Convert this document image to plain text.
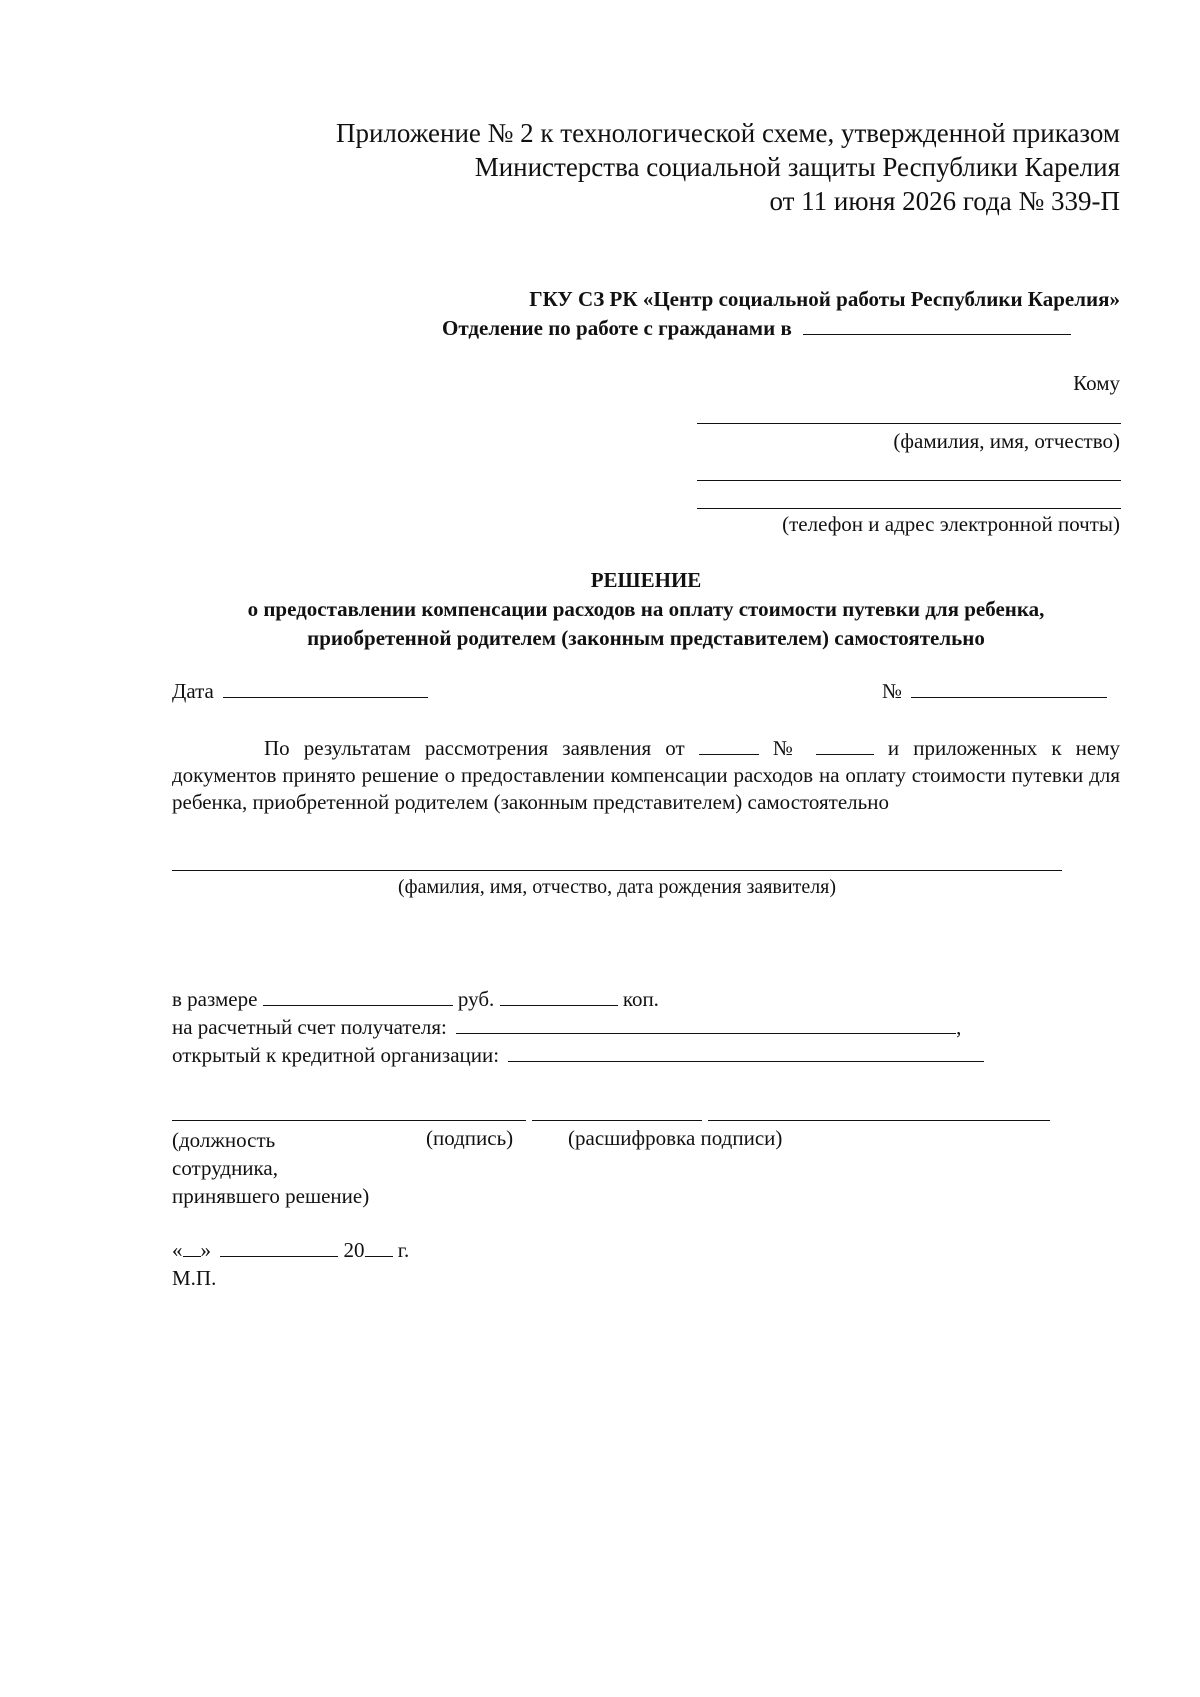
Приложение № 2 к технологической схеме, утвержденной приказом
Министерства социальной защиты Республики Карелия
от 11 июня 2026 года № 339-П
ГКУ СЗ РК «Центр социальной работы Республики Карелия»
Отделение по работе с гражданами в
Кому
(фамилия, имя, отчество)
(телефон и адрес электронной почты)
РЕШЕНИЕ
о предоставлении компенсации расходов на оплату стоимости путевки для ребенка,
приобретенной родителем (законным представителем) самостоятельно
Дата	№
По результатам рассмотрения заявления от	№	и приложенных к нему документов принято решение о предоставлении компенсации расходов на оплату стоимости путевки для ребенка, приобретенной родителем (законным представителем) самостоятельно
(фамилия, имя, отчество, дата рождения заявителя)
в размере	руб.	коп.
на расчетный счет получателя:	,
открытый к кредитной организации:
(должность
сотрудника,
принявшего решение)
(подпись)	(расшифровка подписи)
« »	20 г.
М.П.
